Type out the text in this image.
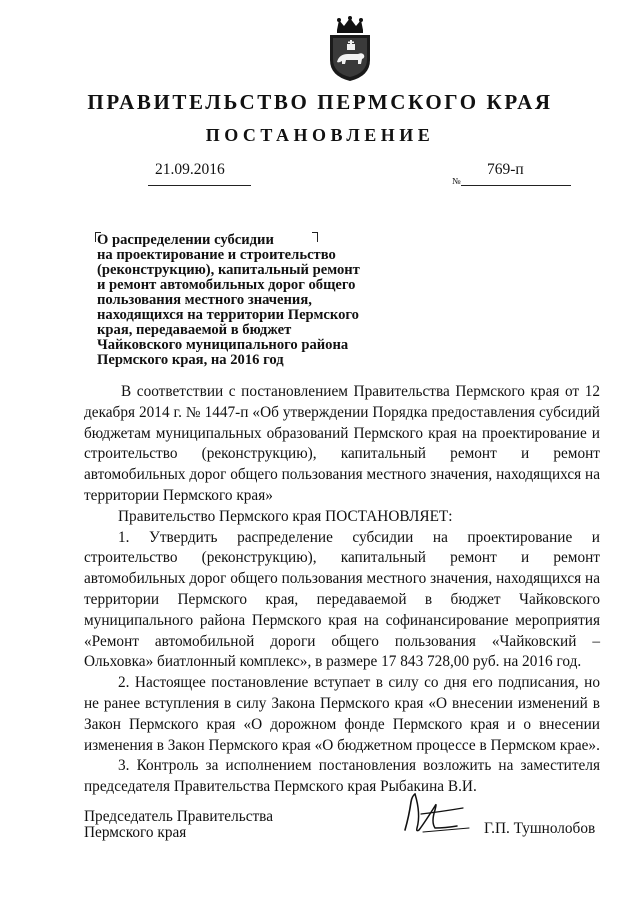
ПРАВИТЕЛЬСТВО ПЕРМСКОГО КРАЯ
ПОСТАНОВЛЕНИЕ
21.09.2016
№
769-п
О распределении субсидии
на проектирование и строительство
(реконструкцию), капитальный ремонт
и ремонт автомобильных дорог общего
пользования местного значения,
находящихся на территории Пермского
края, передаваемой в бюджет
Чайковского муниципального района
Пермского края, на 2016 год

В соответствии с постановлением Правительства Пермского края от 12 декабря 2014 г. № 1447-п «Об утверждении Порядка предоставления субсидий бюджетам муниципальных образований Пермского края на проектирование и строительство (реконструкцию), капитальный ремонт и ремонт автомобильных дорог общего пользования местного значения, находящихся на территории Пермского края»

Правительство Пермского края ПОСТАНОВЛЯЕТ:

1. Утвердить распределение субсидии на проектирование и строительство (реконструкцию), капитальный ремонт и ремонт автомобильных дорог общего пользования местного значения, находящихся на территории Пермского края, передаваемой в бюджет Чайковского муниципального района Пермского края на софинансирование мероприятия «Ремонт автомобильной дороги общего пользования «Чайковский – Ольховка» биатлонный комплекс», в размере 17 843 728,00 руб. на 2016 год.

2. Настоящее постановление вступает в силу со дня его подписания, но не ранее вступления в силу Закона Пермского края «О внесении изменений в Закон Пермского края «О дорожном фонде Пермского края и о внесении изменения в Закон Пермского края «О бюджетном процессе в Пермском крае».

3. Контроль за исполнением постановления возложить на заместителя председателя Правительства Пермского края Рыбакина В.И.

Председатель Правительства
Пермского края	Г.П. Тушнолобов
